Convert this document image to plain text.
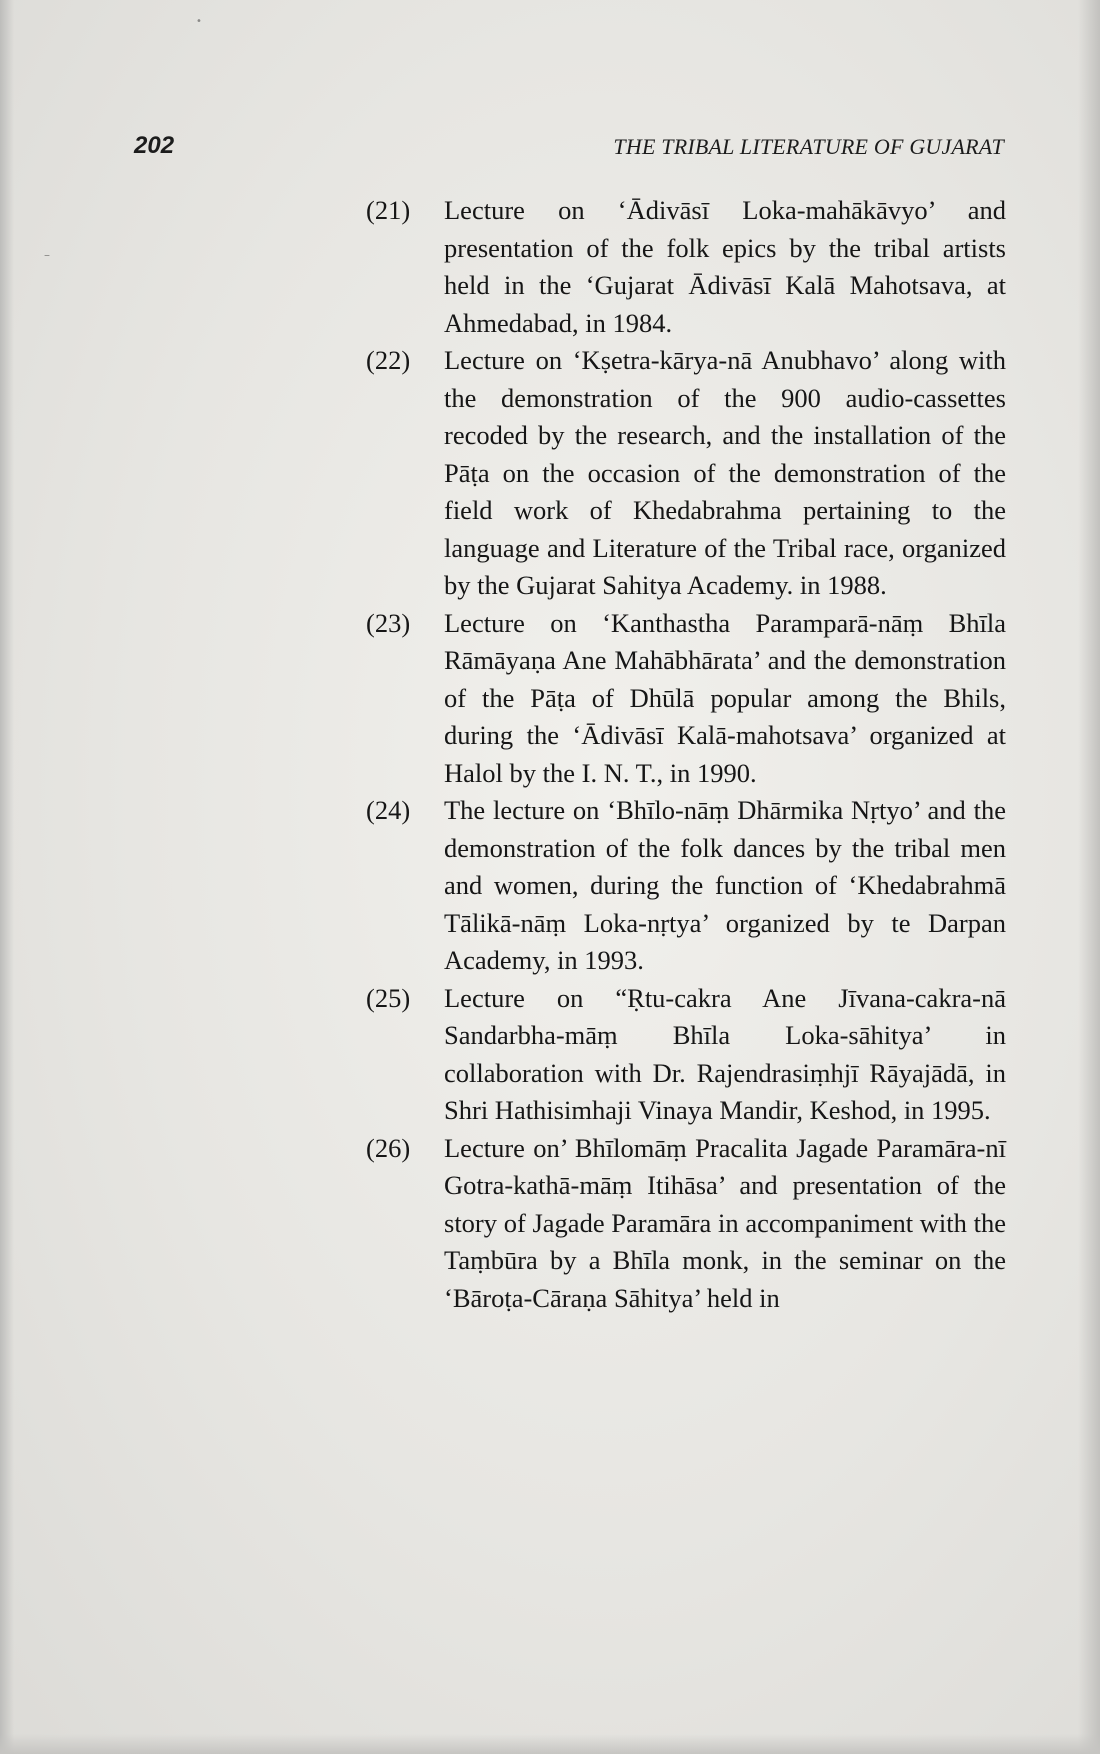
•
–
202	THE TRIBAL LITERATURE OF GUJARAT
(21) Lecture on ‘Ādivāsī Loka-mahākāvyo’ and presentation of the folk epics by the tribal artists held in the ‘Gujarat Ādivāsī Kalā Mahotsava, at Ahmedabad, in 1984.
(22) Lecture on ‘Kṣetra-kārya-nā Anubhavo’ along with the demonstration of the 900 audio-cassettes recoded by the research, and the installation of the Pāṭa on the occasion of the demonstration of the field work of Khedabrahma pertaining to the language and Literature of the Tribal race, organized by the Gujarat Sahitya Academy. in 1988.
(23) Lecture on ‘Kanthastha Paramparā-nāṃ Bhīla Rāmāyaṇa Ane Mahābhārata’ and the demonstration of the Pāṭa of Dhūlā popular among the Bhils, during the ‘Ādivāsī Kalā-mahotsava’ organized at Halol by the I. N. T., in 1990.
(24) The lecture on ‘Bhīlo-nāṃ Dhārmika Nṛtyo’ and the demonstration of the folk dances by the tribal men and women, during the function of ‘Khedabrahmā Tālikā-nāṃ Loka-nṛtya’ organized by te Darpan Academy, in 1993.
(25) Lecture on “Ṛtu-cakra Ane Jīvana-cakra-nā Sandarbha-māṃ Bhīla Loka-sāhitya’ in collaboration with Dr. Rajendrasiṃhjī Rāyajādā, in Shri Hathisimhaji Vinaya Mandir, Keshod, in 1995.
(26) Lecture on’ Bhīlomāṃ Pracalita Jagade Paramāra-nī Gotra-kathā-māṃ Itihāsa’ and presentation of the story of Jagade Paramāra in accompaniment with the Taṃbūra by a Bhīla monk, in the seminar on the ‘Bāroṭa-Cāraṇa Sāhitya’ held in
